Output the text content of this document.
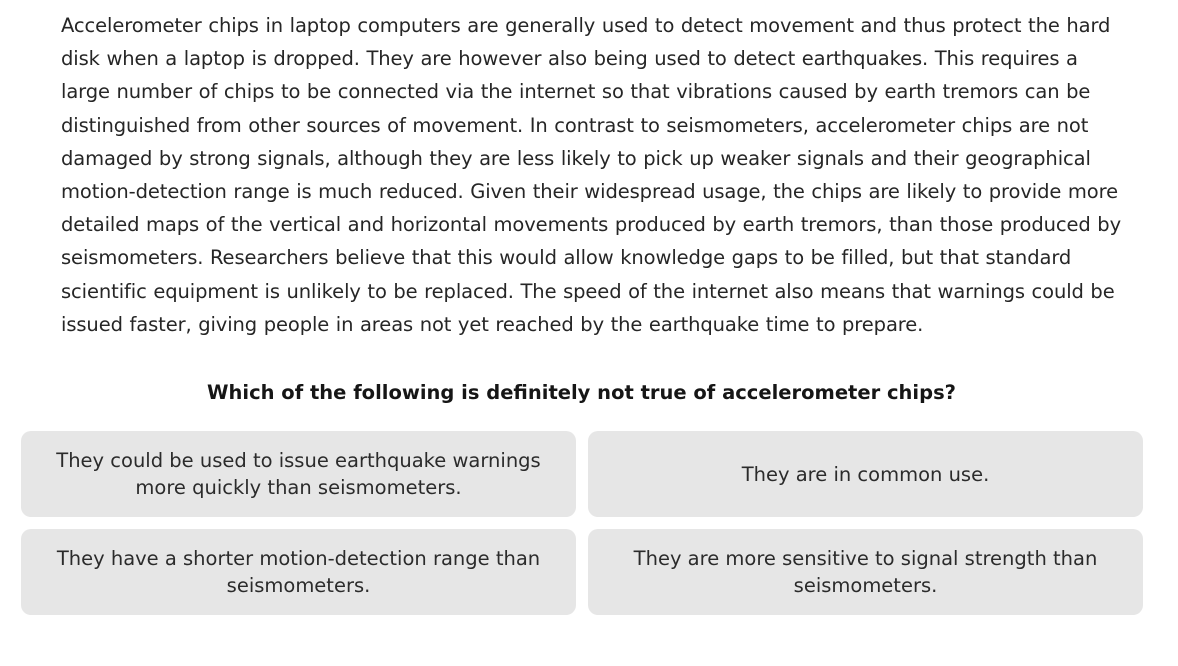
Accelerometer chips in laptop computers are generally used to detect movement and thus protect the hard
disk when a laptop is dropped. They are however also being used to detect earthquakes. This requires a
large number of chips to be connected via the internet so that vibrations caused by earth tremors can be
distinguished from other sources of movement. In contrast to seismometers, accelerometer chips are not
damaged by strong signals, although they are less likely to pick up weaker signals and their geographical
motion-detection range is much reduced. Given their widespread usage, the chips are likely to provide more
detailed maps of the vertical and horizontal movements produced by earth tremors, than those produced by
seismometers. Researchers believe that this would allow knowledge gaps to be filled, but that standard
scientific equipment is unlikely to be replaced. The speed of the internet also means that warnings could be
issued faster, giving people in areas not yet reached by the earthquake time to prepare.
Which of the following is definitely not true of accelerometer chips?
They could be used to issue earthquake warnings more quickly than seismometers.
They are in common use.
They have a shorter motion-detection range than seismometers.
They are more sensitive to signal strength than seismometers.
